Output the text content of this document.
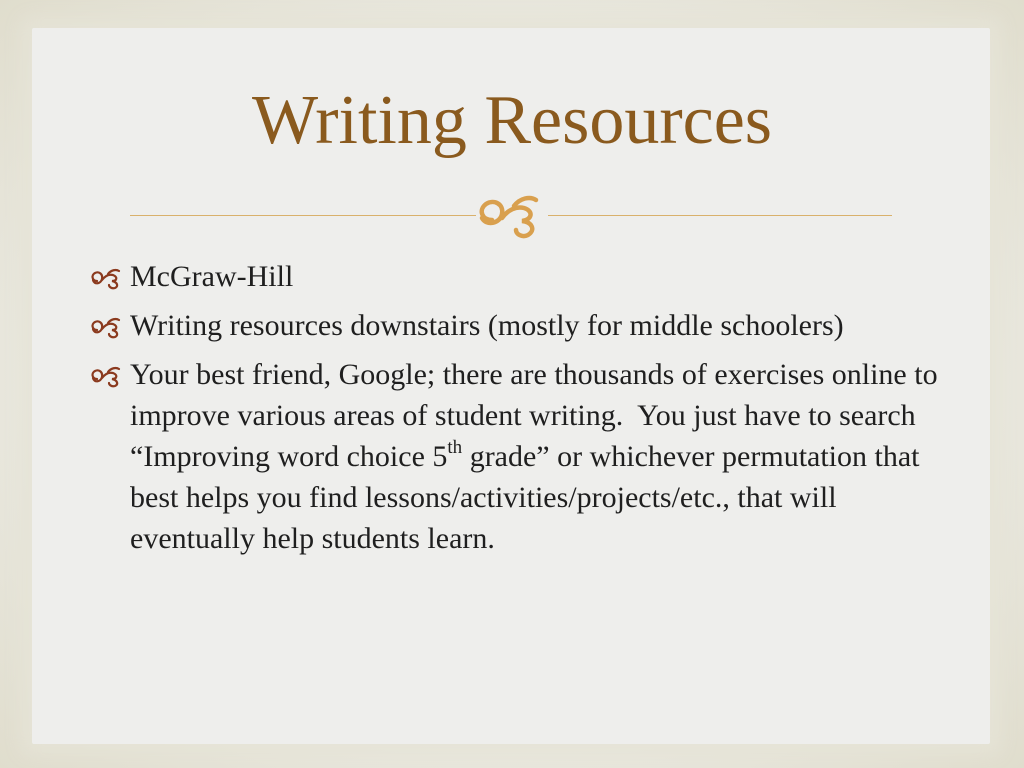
Writing Resources
McGraw-Hill
Writing resources downstairs (mostly for middle schoolers)
Your best friend, Google; there are thousands of exercises online to improve various areas of student writing.  You just have to search “Improving word choice 5th grade” or whichever permutation that best helps you find lessons/activities/projects/etc., that will eventually help students learn.
